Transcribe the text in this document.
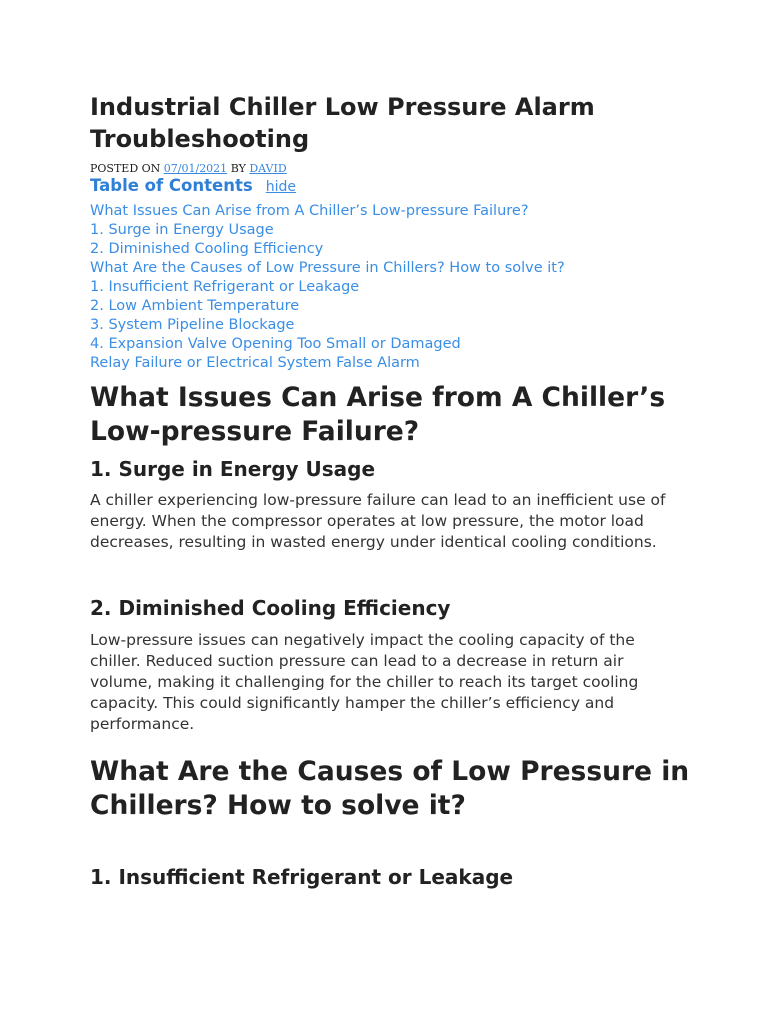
Industrial Chiller Low Pressure Alarm Troubleshooting
POSTED ON 07/01/2021 BY DAVID
Table of Contents hide
What Issues Can Arise from A Chiller’s Low-pressure Failure?
1. Surge in Energy Usage
2. Diminished Cooling Efficiency
What Are the Causes of Low Pressure in Chillers? How to solve it?
1. Insufficient Refrigerant or Leakage
2. Low Ambient Temperature
3. System Pipeline Blockage
4. Expansion Valve Opening Too Small or Damaged
Relay Failure or Electrical System False Alarm
What Issues Can Arise from A Chiller’s Low-pressure Failure?
1. Surge in Energy Usage

A chiller experiencing low-pressure failure can lead to an inefficient use of energy. When the compressor operates at low pressure, the motor load decreases, resulting in wasted energy under identical cooling conditions.

2. Diminished Cooling Efficiency

Low-pressure issues can negatively impact the cooling capacity of the chiller. Reduced suction pressure can lead to a decrease in return air volume, making it challenging for the chiller to reach its target cooling capacity. This could significantly hamper the chiller’s efficiency and performance.

What Are the Causes of Low Pressure in Chillers? How to solve it?
1. Insufficient Refrigerant or Leakage
